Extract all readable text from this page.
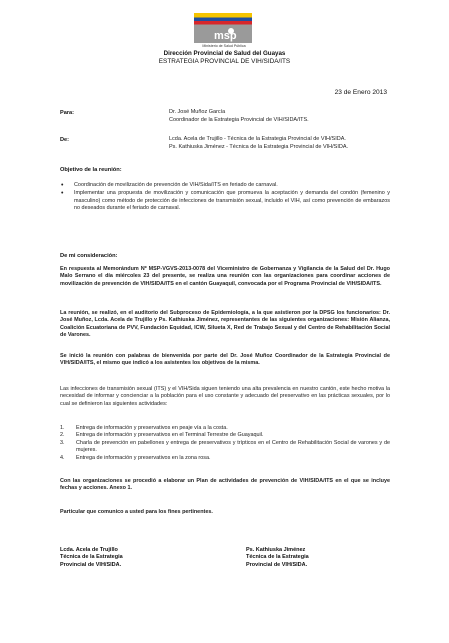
msp
Ministerio de Salud Pública
Dirección Provincial de Salud del Guayas
ESTRATEGIA PROVINCIAL DE VIH/SIDA/ITS
23 de Enero 2013
Para:	Dr. José Muñoz García
Coordinador de la Estrategia Provincial de VIH/SIDA/ITS.
De:	Lcda. Acela de Trujillo - Técnica de la Estrategia Provincial de VIH/SIDA.
Ps. Kathiuska Jiménez - Técnica de la Estrategia Provincial de VIH/SIDA.
Objetivo de la reunión:
• Coordinación de movilización de prevención de VIH/Sida/ITS en feriado de carnaval.
• Implementar una propuesta de movilización y comunicación que promueva la aceptación y demanda del condón (femenino y masculino) como método de protección de infecciones de transmisión sexual, incluido el VIH, así como prevención de embarazos no deseados durante el feriado de carnaval.
De mi consideración:
En respuesta al Memorándum Nº MSP-VGVS-2013-0078 del Viceministro de Gobernanza y Vigilancia de la Salud del Dr. Hugo Malo Serrano el día miércoles 23 del presente, se realiza una reunión con las organizaciones para coordinar acciones de movilización de prevención de VIH/SIDA/ITS en el cantón Guayaquil, convocada por el Programa Provincial de VIH/SIDA/ITS.
La reunión, se realizó, en el auditorio del Subproceso de Epidemiología, a la que asistieron por la DPSG los funcionarios: Dr. José Muñoz, Lcda. Acela de Trujillo y Ps. Kathiuska Jiménez, representantes de las siguientes organizaciones: Misión Alianza, Coalición Ecuatoriana de PVV, Fundación Equidad, ICW, Silueta X, Red de Trabajo Sexual y del Centro de Rehabilitación Social de Varones.
Se inició la reunión con palabras de bienvenida por parte del Dr. José Muñoz Coordinador de la Estrategia Provincial de VIH/SIDA/ITS, el mismo que indicó a los asistentes los objetivos de la misma.
Las infecciones de transmisión sexual (ITS) y el VIH/Sida siguen teniendo una alta prevalencia en nuestro cantón, este hecho motiva la necesidad de informar y concienciar a la población para el uso constante y adecuado del preservativo en las prácticas sexuales, por lo cual se definieron las siguientes actividades:
1. Entrega de información y preservativos en peaje vía a la costa.
2. Entrega de información y preservativos en el Terminal Terrestre de Guayaquil.
3. Charla de prevención en pabellones y entrega de preservativos y trípticos en el Centro de Rehabilitación Social de varones y de mujeres.
4. Entrega de información y preservativos en la zona rosa.
Con las organizaciones se procedió a elaborar un Plan de actividades de prevención de VIH/SIDA/ITS en el que se incluye fechas y acciones. Anexo 1.
Particular que comunico a usted para los fines pertinentes.
Lcda. Acela de Trujillo
Técnica de la Estrategia
Provincial de VIH/SIDA.
Ps. Kathiuska Jiménez
Técnica de la Estrategia
Provincial de VIH/SIDA.
